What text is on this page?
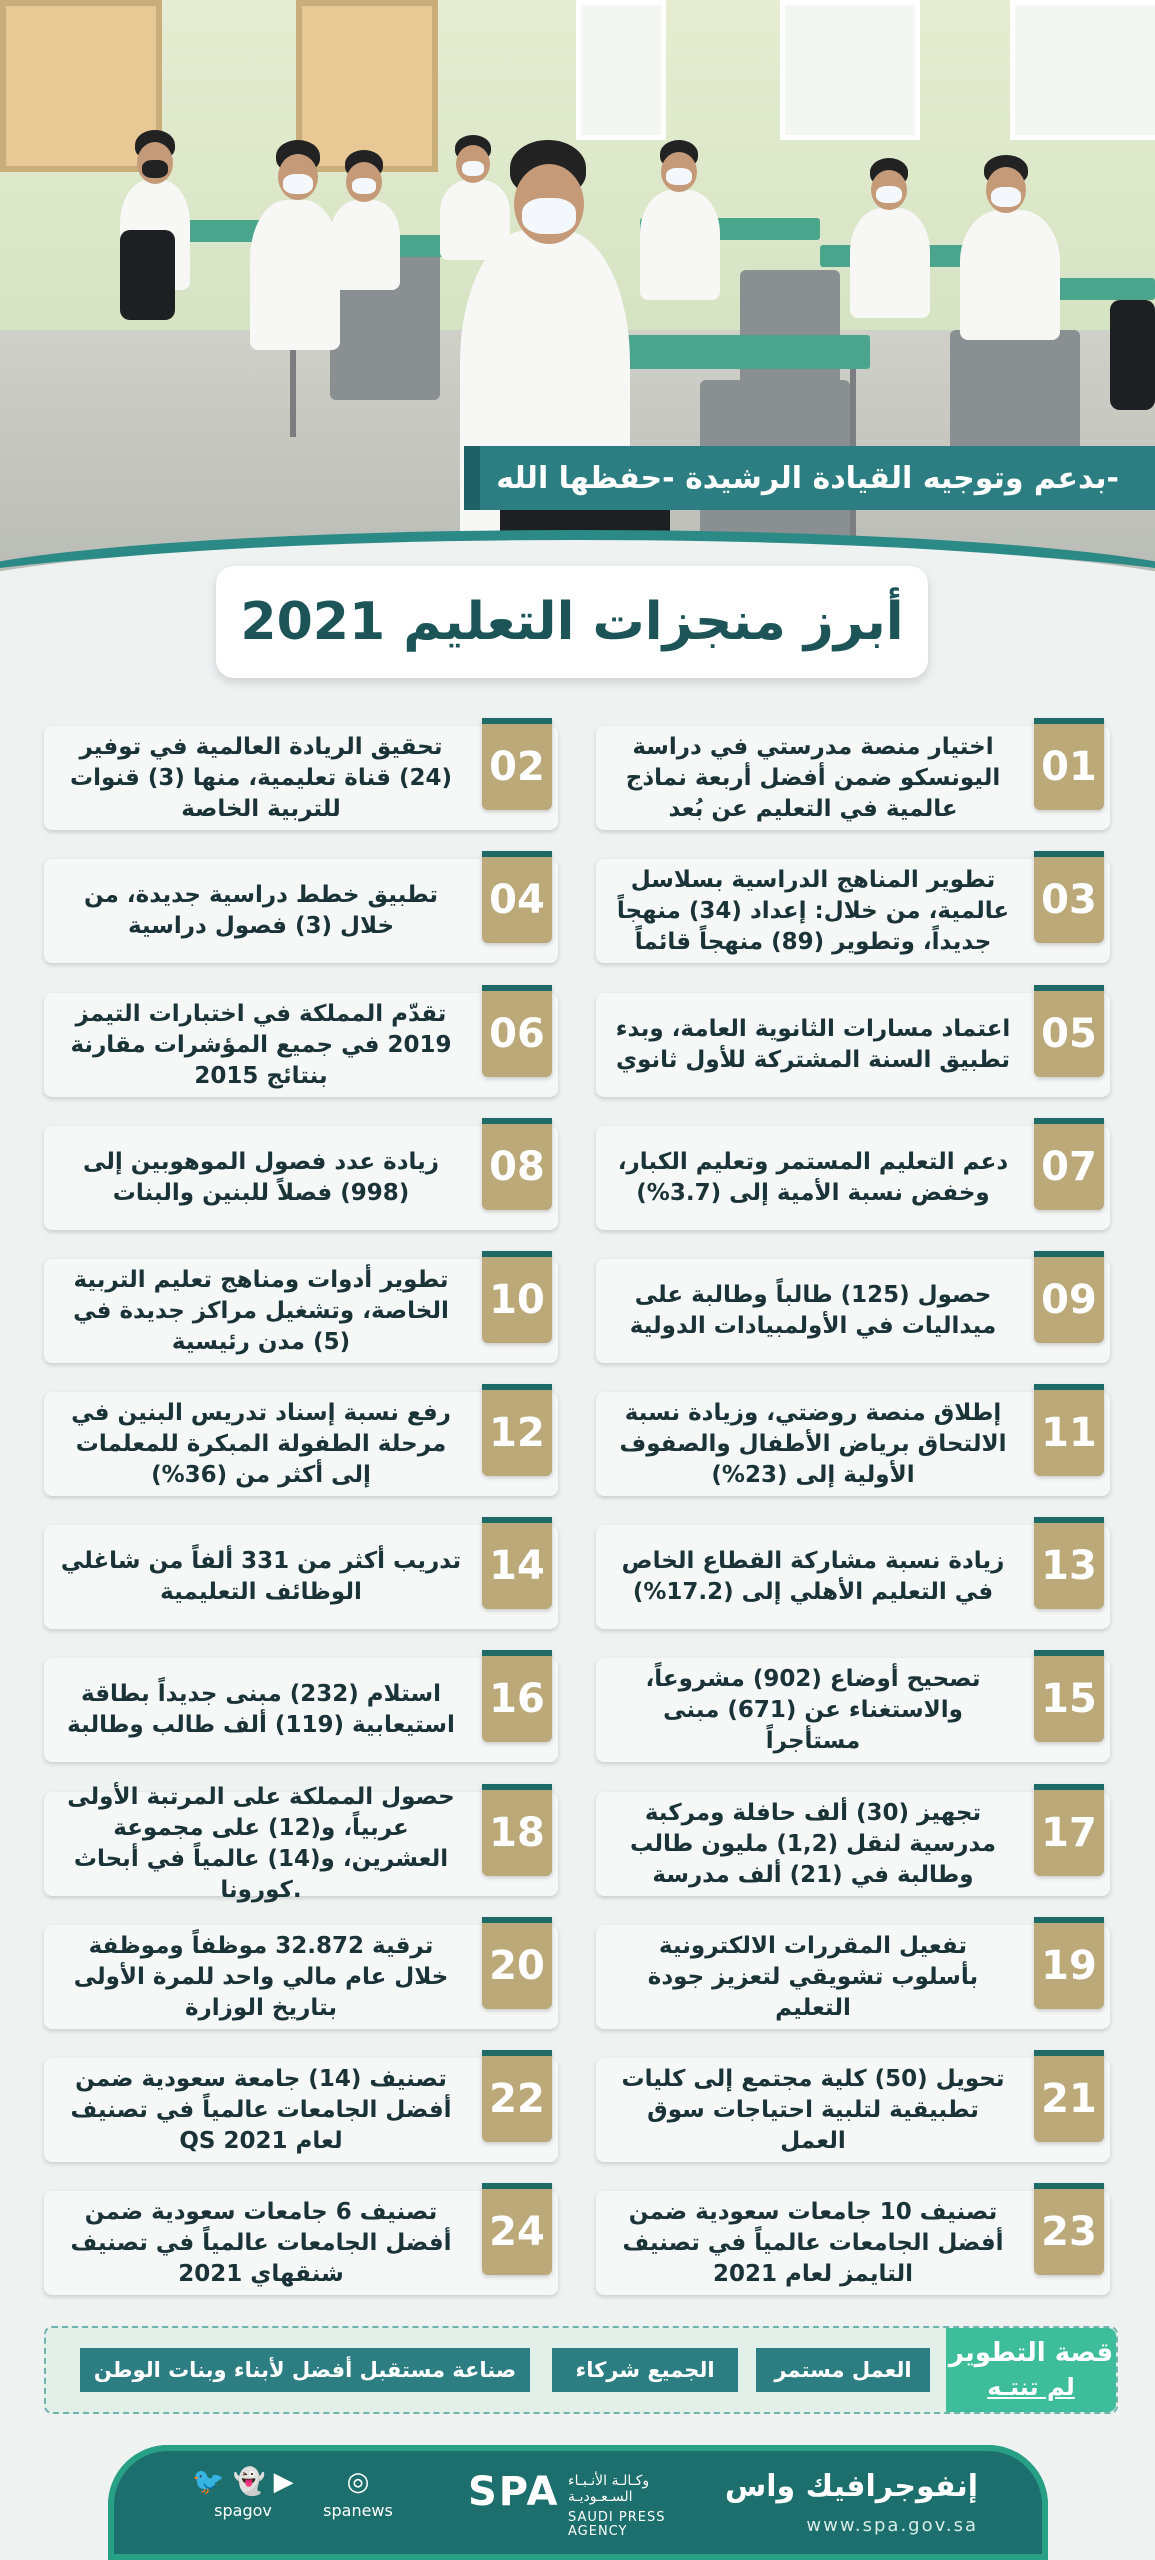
بدعم وتوجيه القيادة الرشيدة -حفظها الله-
أبرز منجزات التعليم 2021
01
اختيار منصة مدرستي في دراسة اليونسكو ضمن أفضل أربعة نماذج عالمية في التعليم عن بُعد
02
تحقيق الريادة العالمية في توفير (24) قناة تعليمية، منها (3) قنوات للتربية الخاصة
03
تطوير المناهج الدراسية بسلاسل عالمية، من خلال: إعداد (34) منهجاً جديداً، وتطوير (89) منهجاً قائماً
04
تطبيق خطط دراسية جديدة، من خلال (3) فصول دراسية
05
اعتماد مسارات الثانوية العامة، وبدء تطبيق السنة المشتركة للأول ثانوي
06
تقدّم المملكة في اختبارات التيمز 2019 في جميع المؤشرات مقارنة بنتائج 2015
07
دعم التعليم المستمر وتعليم الكبار، وخفض نسبة الأمية إلى (3.7%)
08
زيادة عدد فصول الموهوبين إلى (998) فصلاً للبنين والبنات
09
حصول (125) طالباً وطالبة على ميداليات في الأولمبيادات الدولية
10
تطوير أدوات ومناهج تعليم التربية الخاصة، وتشغيل مراكز جديدة في (5) مدن رئيسية
11
إطلاق منصة روضتي، وزيادة نسبة الالتحاق برياض الأطفال والصفوف الأولية إلى (23%)
12
رفع نسبة إسناد تدريس البنين في مرحلة الطفولة المبكرة للمعلمات إلى أكثر من (36%)
13
زيادة نسبة مشاركة القطاع الخاص في التعليم الأهلي إلى (17.2%)
14
تدريب أكثر من 331 ألفاً من شاغلي الوظائف التعليمية
15
تصحيح أوضاع (902) مشروعاً، والاستغناء عن (671) مبنى مستأجراً
16
استلام (232) مبنى جديداً بطاقة استيعابية (119) ألف طالب وطالبة
17
تجهيز (30) ألف حافلة ومركبة مدرسية لنقل (1,2) مليون طالب وطالبة في (21) ألف مدرسة
18
حصول المملكة على المرتبة الأولى عربياً، و(12) على مجموعة العشرين، و(14) عالمياً في أبحاث كورونا.
19
تفعيل المقررات الالكترونية بأسلوب تشويقي لتعزيز جودة التعليم
20
ترقية 32.872 موظفاً وموظفة خلال عام مالي واحد للمرة الأولى بتاريخ الوزارة
21
تحويل (50) كلية مجتمع إلى كليات تطبيقية لتلبية احتياجات سوق العمل
22
تصنيف (14) جامعة سعودية ضمن أفضل الجامعات عالمياً في تصنيف QS لعام 2021
23
تصنيف 10 جامعات سعودية ضمن أفضل الجامعات عالمياً في تصنيف التايمز لعام 2021
24
تصنيف 6 جامعات سعودية ضمن أفضل الجامعات عالمياً في تصنيف شنقهاي 2021
قصة التطوير
لم تنتـه
العمل مستمر
الجميع شركاء
صناعة مستقبل أفضل لأبناء وبنات الوطن
إنفوجرافيك واس
www.spa.gov.sa
SPA وكـالـة الأنـبـاء السـعـوديـة
SAUDI PRESS AGENCY
◎
spanews
🐦 👻 ▶
spagov
